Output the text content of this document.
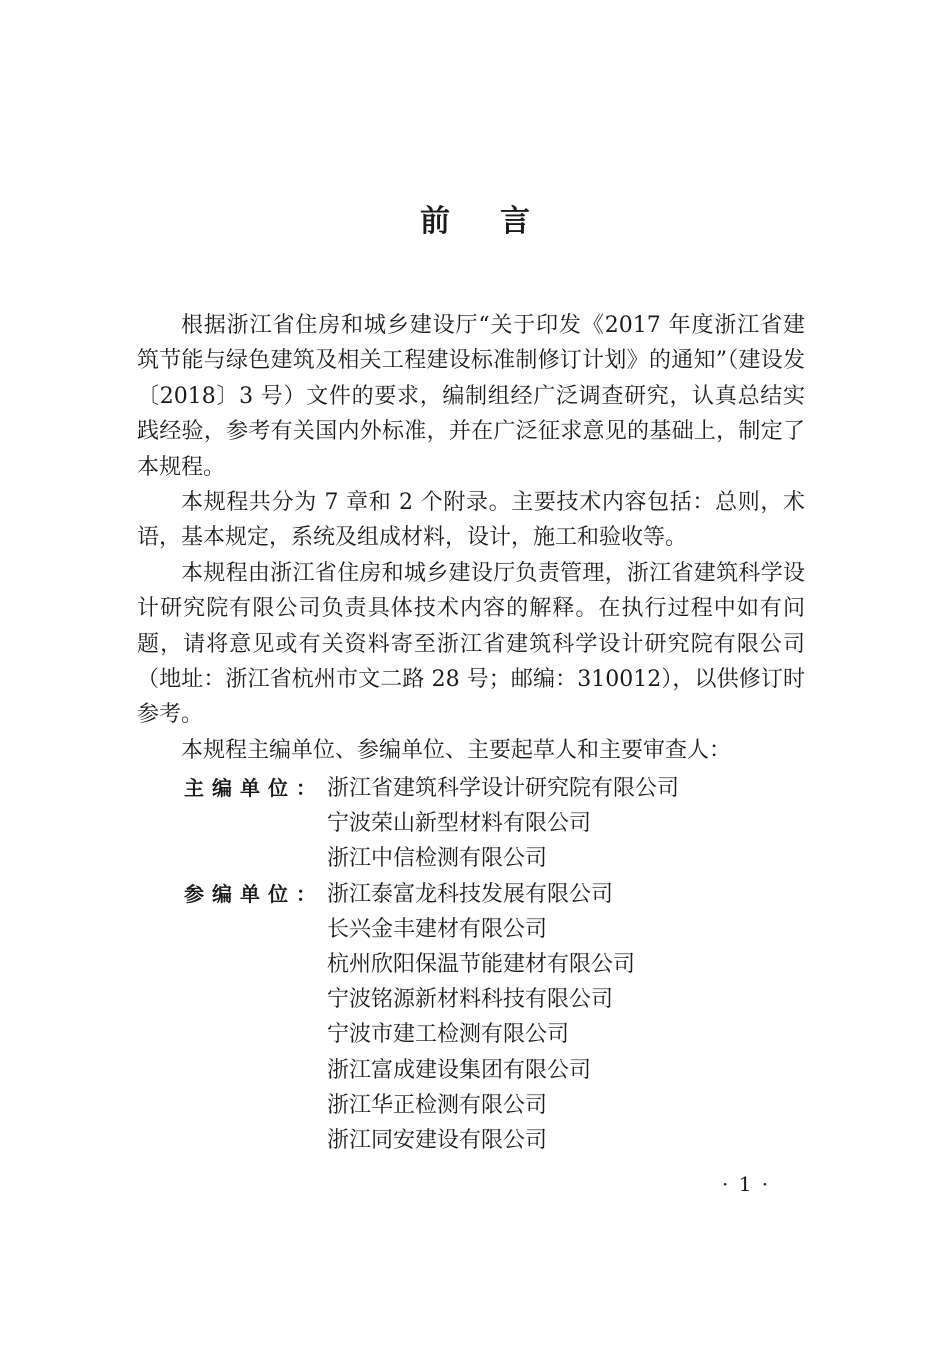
前言

根据浙江省住房和城乡建设厅“关于印发《2017 年度浙江省建筑节能与绿色建筑及相关工程建设标准制修订计划》的通知”（建设发〔2018〕3 号）文件的要求，编制组经广泛调查研究，认真总结实践经验，参考有关国内外标准，并在广泛征求意见的基础上，制定了本规程。

本规程共分为 7 章和 2 个附录。主要技术内容包括：总则，术语，基本规定，系统及组成材料，设计，施工和验收等。

本规程由浙江省住房和城乡建设厅负责管理，浙江省建筑科学设计研究院有限公司负责具体技术内容的解释。在执行过程中如有问题，请将意见或有关资料寄至浙江省建筑科学设计研究院有限公司（地址：浙江省杭州市文二路 28 号；邮编：310012），以供修订时参考。

本规程主编单位、参编单位、主要起草人和主要审查人：

主编单位： 浙江省建筑科学设计研究院有限公司
宁波荣山新型材料有限公司
浙江中信检测有限公司
参编单位： 浙江泰富龙科技发展有限公司
长兴金丰建材有限公司
杭州欣阳保温节能建材有限公司
宁波铭源新材料科技有限公司
宁波市建工检测有限公司
浙江富成建设集团有限公司
浙江华正检测有限公司
浙江同安建设有限公司
· 1 ·
